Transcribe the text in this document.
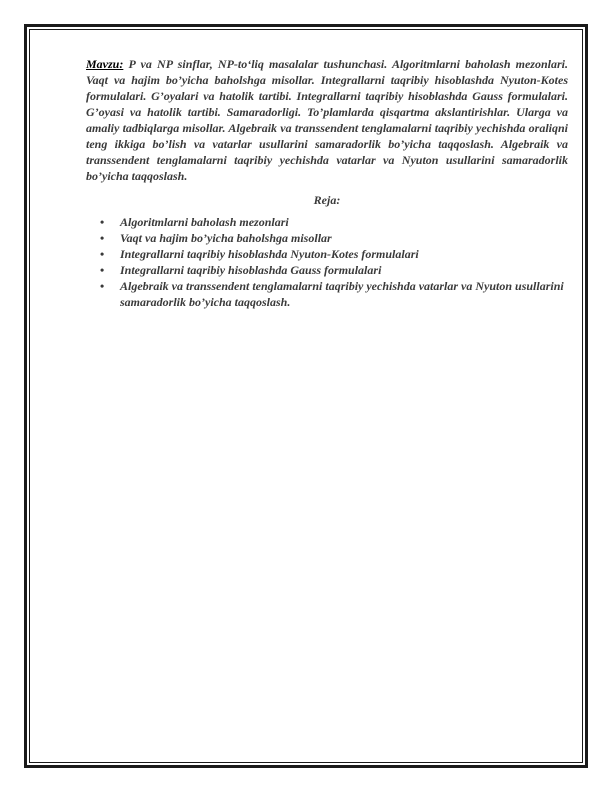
Mavzu: P va NP sinflar, NP-to‘liq masalalar tushunchasi. Algoritmlarni baholash mezonlari. Vaqt va hajim bo’yicha baholshga misollar. Integrallarni taqribiy hisoblashda Nyuton-Kotes formulalari. G’oyalari va hatolik tartibi. Integrallarni taqribiy hisoblashda Gauss formulalari. G’oyasi va hatolik tartibi. Samaradorligi. To’plamlarda qisqartma akslantirishlar. Ularga va amaliy tadbiqlarga misollar. Algebraik va transsendent tenglamalarni taqribiy yechishda oraliqni teng ikkiga bo’lish va vatarlar usullarini samaradorlik bo’yicha taqqoslash. Algebraik va transsendent tenglamalarni taqribiy yechishda vatarlar va Nyuton usullarini samaradorlik bo’yicha taqqoslash.

Reja:
• Algoritmlarni baholash mezonlari
• Vaqt va hajim bo’yicha baholshga misollar
• Integrallarni taqribiy hisoblashda Nyuton-Kotes formulalari
• Integrallarni taqribiy hisoblashda Gauss formulalari
• Algebraik va transsendent tenglamalarni taqribiy yechishda vatarlar va Nyuton usullarini samaradorlik bo’yicha taqqoslash.
